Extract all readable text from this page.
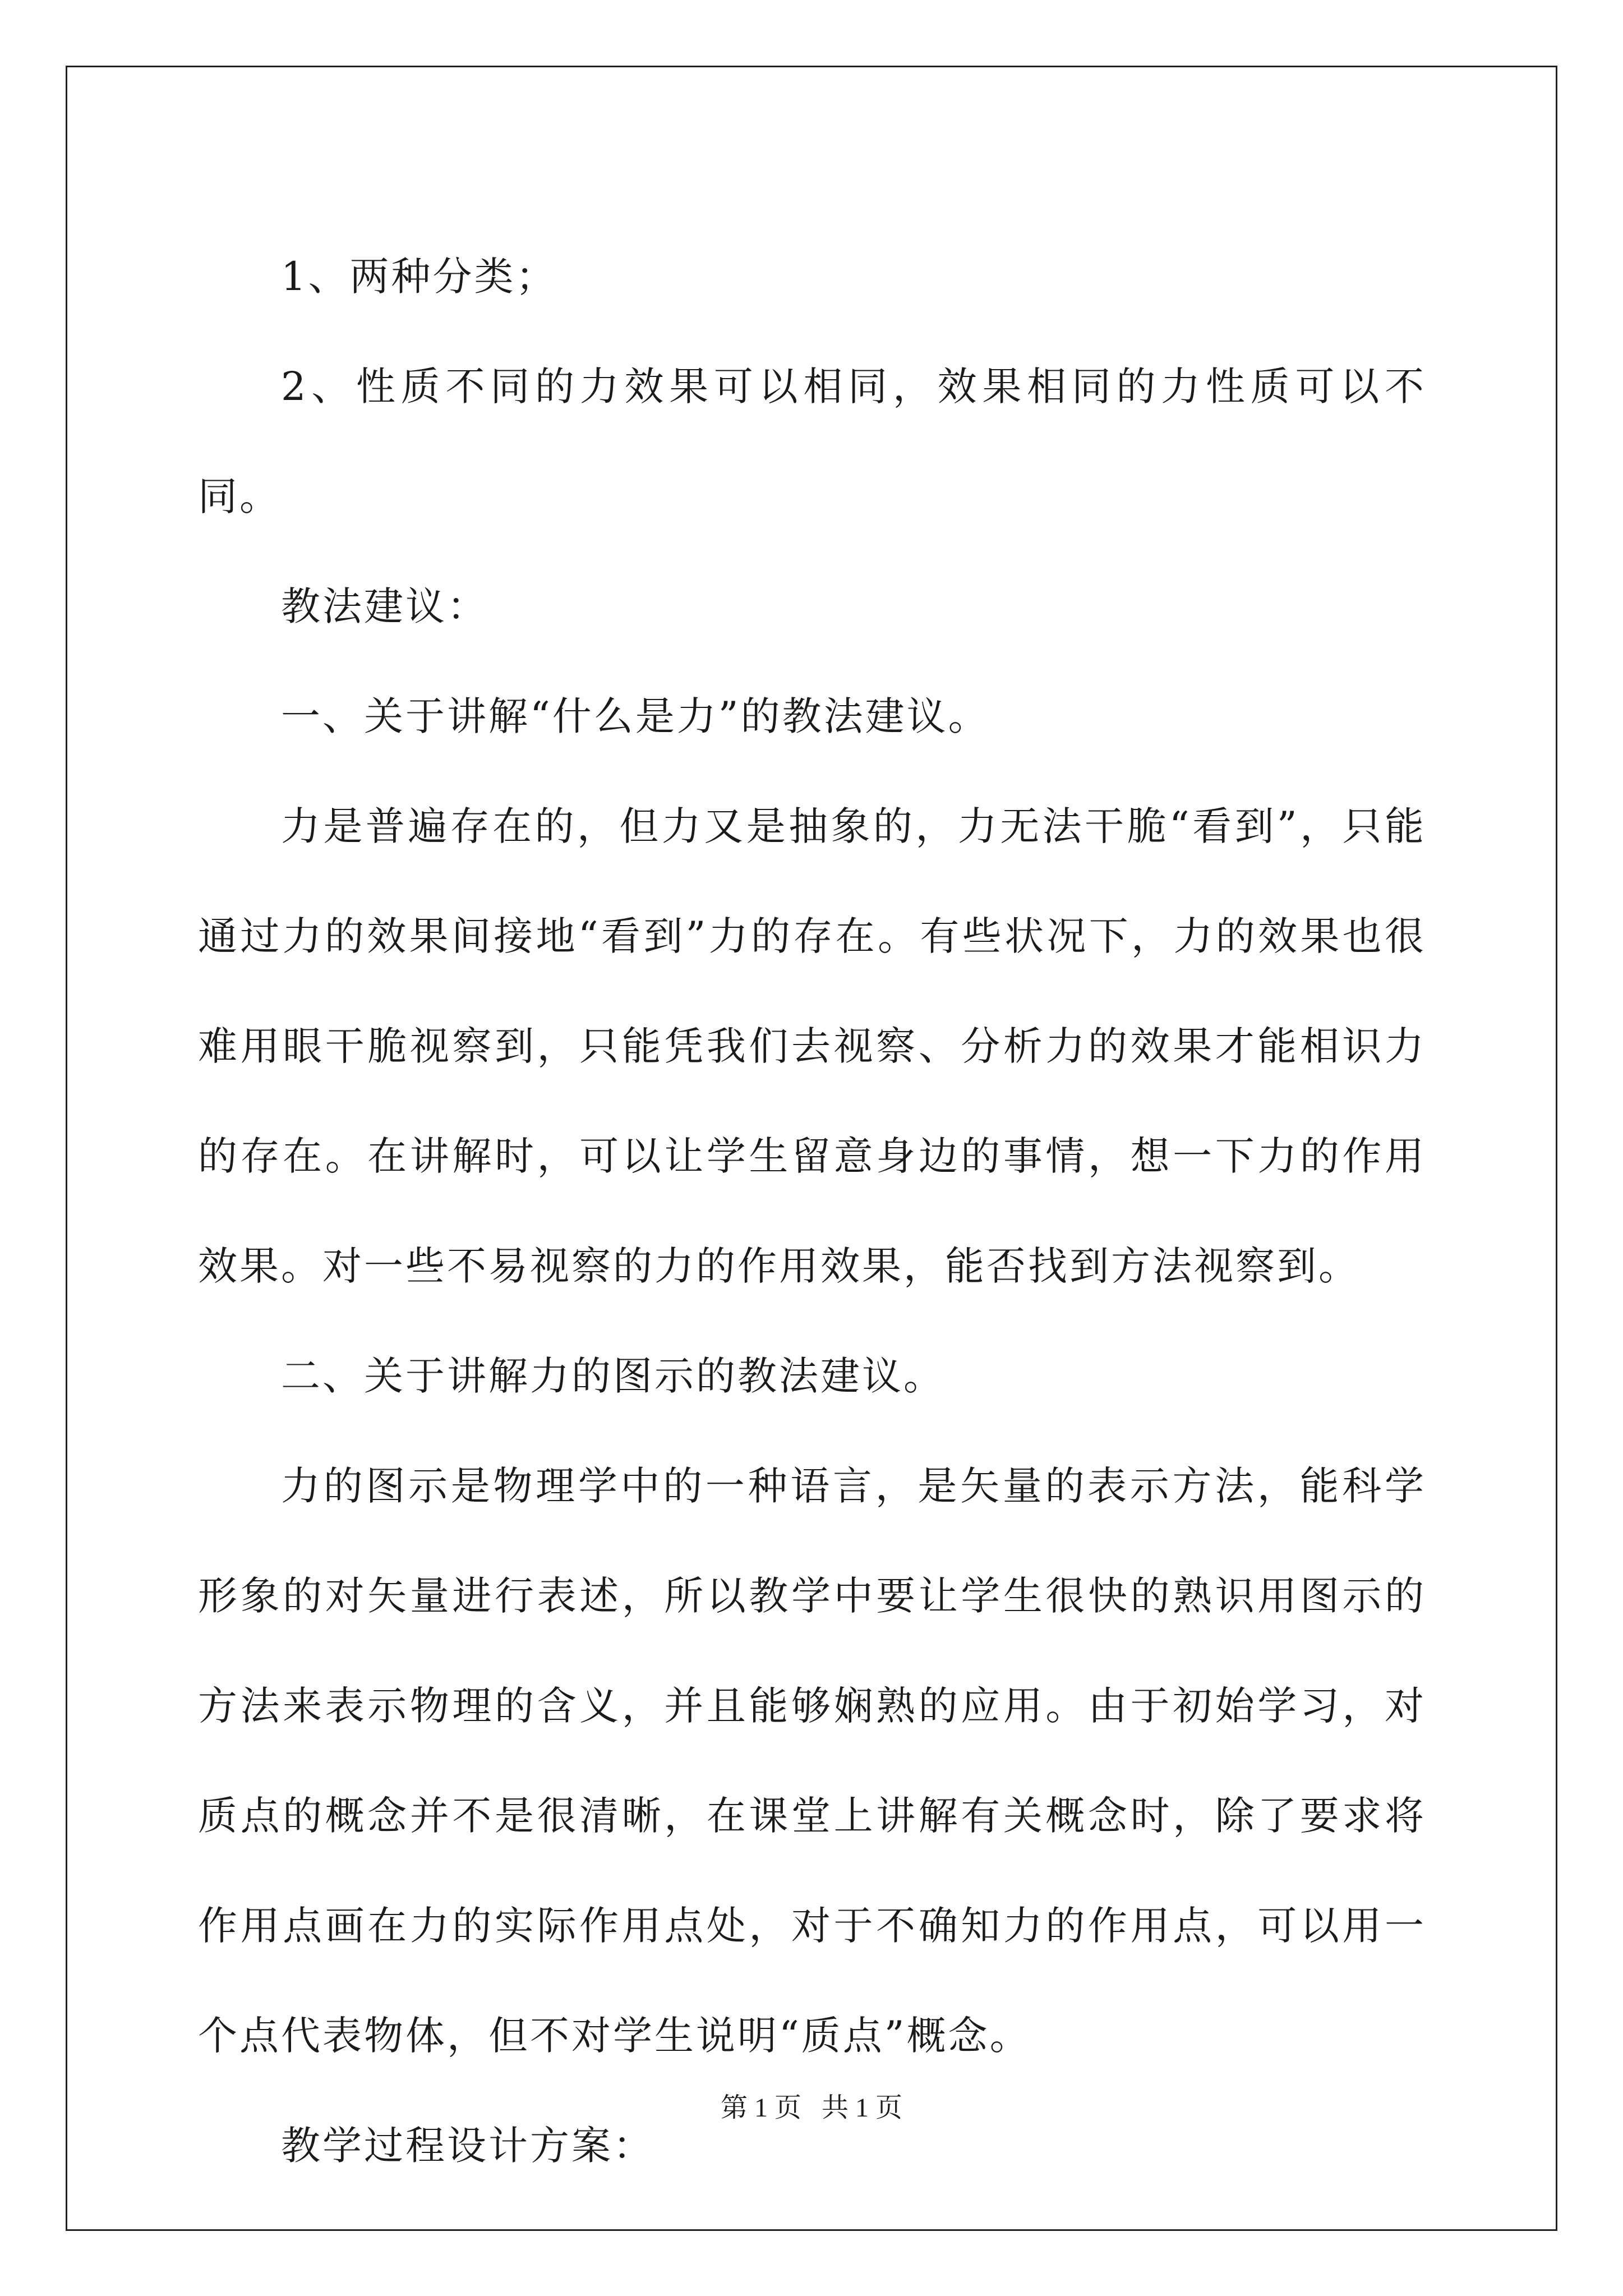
1、两种分类；

2、性质不同的力效果可以相同，效果相同的力性质可以不同。

教法建议：

一、关于讲解“什么是力”的教法建议。

力是普遍存在的，但力又是抽象的，力无法干脆“看到”，只能通过力的效果间接地“看到”力的存在。有些状况下，力的效果也很难用眼干脆视察到，只能凭我们去视察、分析力的效果才能相识力的存在。在讲解时，可以让学生留意身边的事情，想一下力的作用效果。对一些不易视察的力的作用效果，能否找到方法视察到。

二、关于讲解力的图示的教法建议。

力的图示是物理学中的一种语言，是矢量的表示方法，能科学形象的对矢量进行表述，所以教学中要让学生很快的熟识用图示的方法来表示物理的含义，并且能够娴熟的应用。由于初始学习，对质点的概念并不是很清晰，在课堂上讲解有关概念时，除了要求将作用点画在力的实际作用点处，对于不确知力的作用点，可以用一个点代表物体，但不对学生说明“质点”概念。

教学过程设计方案：

第 1 页   共 1 页
